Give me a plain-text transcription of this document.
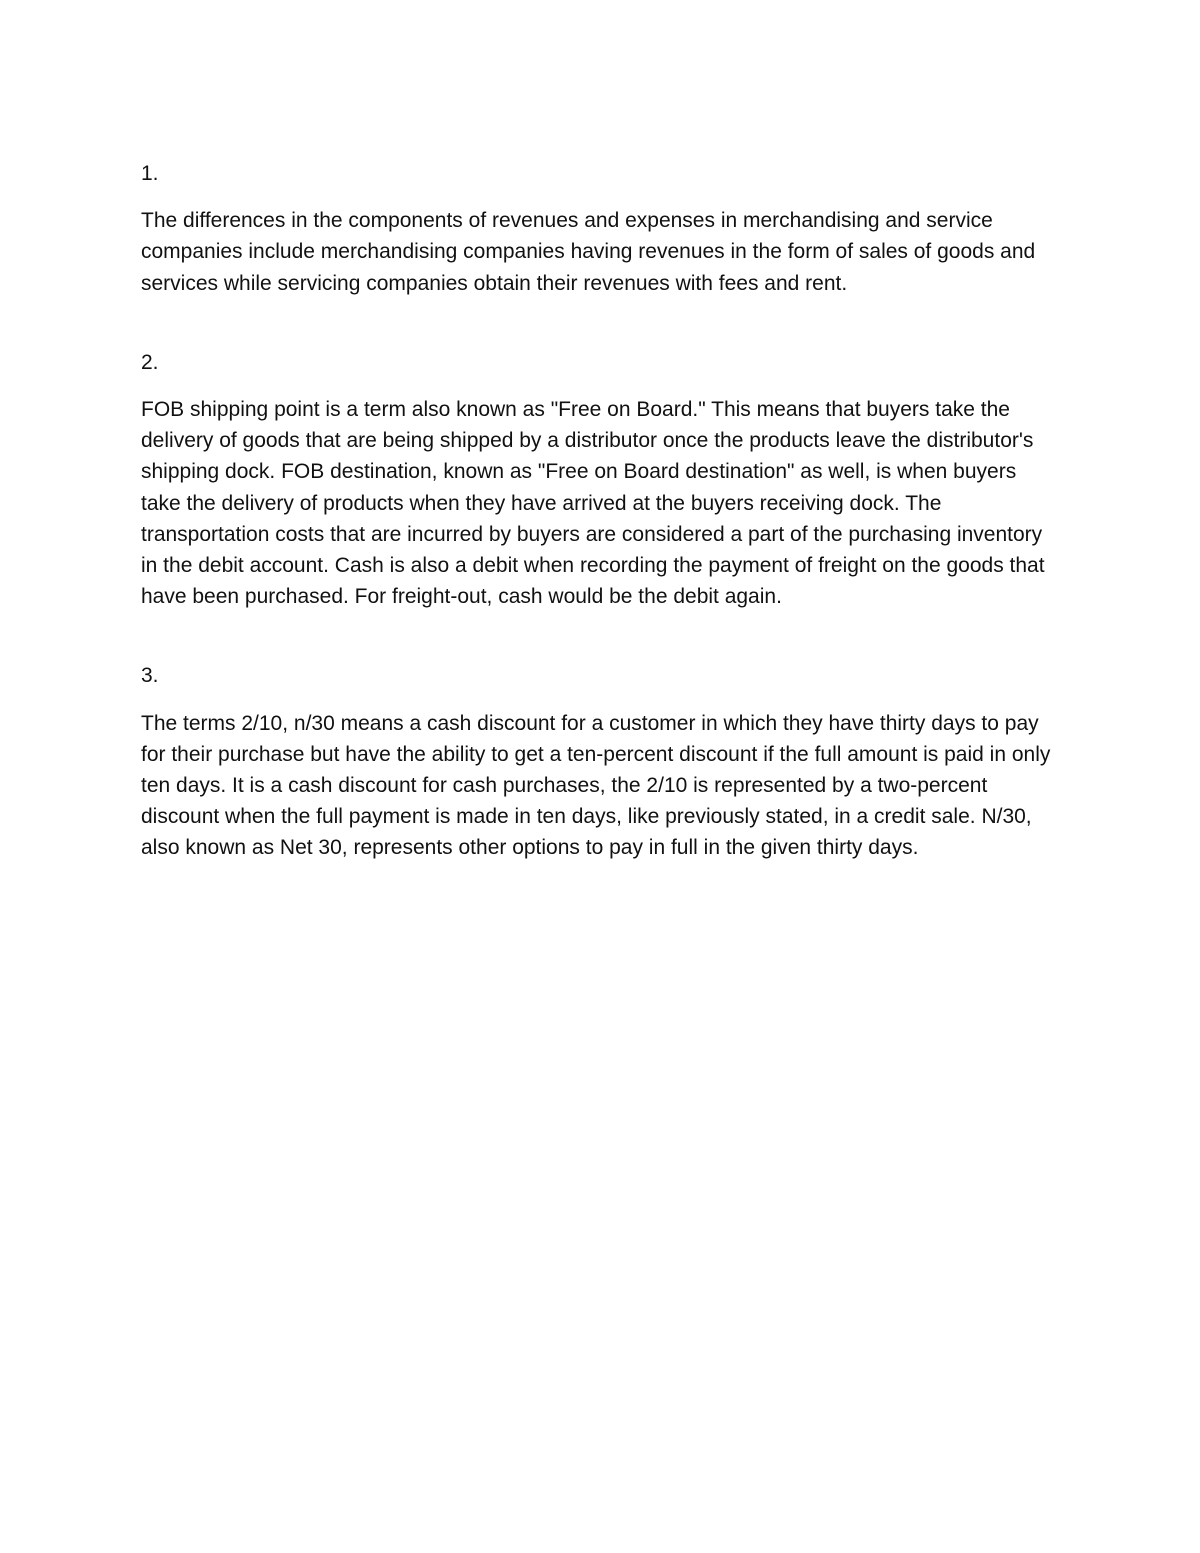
1.

The differences in the components of revenues and expenses in merchandising and service companies include merchandising companies having revenues in the form of sales of goods and services while servicing companies obtain their revenues with fees and rent.

2.

FOB shipping point is a term also known as "Free on Board." This means that buyers take the delivery of goods that are being shipped by a distributor once the products leave the distributor's shipping dock. FOB destination, known as "Free on Board destination" as well, is when buyers take the delivery of products when they have arrived at the buyers receiving dock. The transportation costs that are incurred by buyers are considered a part of the purchasing inventory in the debit account. Cash is also a debit when recording the payment of freight on the goods that have been purchased. For freight-out, cash would be the debit again.

3.

The terms 2/10, n/30 means a cash discount for a customer in which they have thirty days to pay for their purchase but have the ability to get a ten-percent discount if the full amount is paid in only ten days. It is a cash discount for cash purchases, the 2/10 is represented by a two-percent discount when the full payment is made in ten days, like previously stated, in a credit sale. N/30, also known as Net 30, represents other options to pay in full in the given thirty days.
